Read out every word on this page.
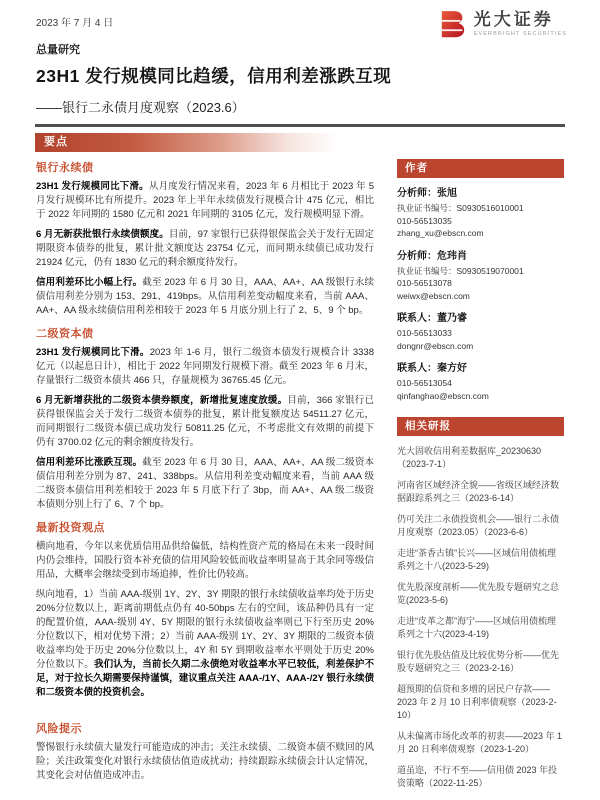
2023 年 7 月 4 日	光大证券
EVERBRIGHT SECURITIES
总量研究
23H1 发行规模同比趋缓，信用利差涨跌互现
——银行二永债月度观察（2023.6）
要点
银行永续债

23H1 发行规模同比下滑。从月度发行情况来看，2023 年 6 月相比于 2023 年 5 月发行规模环比有所提升。2023 年上半年永续债发行规模合计 475 亿元，相比于 2022 年同期的 1580 亿元和 2021 年同期的 3105 亿元，发行规模明显下滑。

6 月无新获批银行永续债额度。目前，97 家银行已获得银保监会关于发行无固定期限资本债券的批复，累计批文额度达 23754 亿元，而同期永续债已成功发行 21924 亿元，仍有 1830 亿元的剩余额度待发行。

信用利差环比小幅上行。截至 2023 年 6 月 30 日，AAA、AA+、AA 级银行永续债信用利差分别为 153、291、419bps。从信用利差变动幅度来看，当前 AAA、AA+、AA 级永续债信用利差相较于 2023 年 5 月底分别上行了 2、5、9 个 bp。

二级资本债

23H1 发行规模同比下滑。2023 年 1-6 月，银行二级资本债发行规模合计 3338 亿元（以起息日计），相比于 2022 年同期发行规模下滑。截至 2023 年 6 月末，存量银行二级资本债共 466 只，存量规模为 36765.45 亿元。

6 月无新增获批的二级资本债券额度，新增批复速度放缓。目前，366 家银行已获得银保监会关于发行二级资本债券的批复，累计批复额度达 54511.27 亿元，而同期银行二级资本债已成功发行 50811.25 亿元，不考虑批文有效期的前提下仍有 3700.02 亿元的剩余额度待发行。

信用利差环比涨跌互现。截至 2023 年 6 月 30 日，AAA、AA+、AA 级二级资本债信用利差分别为 87、241、338bps。从信用利差变动幅度来看，当前 AAA 级二级资本债信用利差相较于 2023 年 5 月底下行了 3bp，而 AA+、AA 级二级资本债则分别上行了 6、7 个 bp。

最新投资观点

横向地看，今年以来优质信用品供给偏低，结构性资产荒的格局在未来一段时间内仍会维持，国股行资本补充债的信用风险较低而收益率明显高于其余同等级信用品，大概率会继续受到市场追捧，性价比仍较高。

纵向地看，1）当前 AAA-级别 1Y、2Y、3Y 期限的银行永续债收益率均处于历史 20%分位数以上，距离前期低点仍有 40-50bps 左右的空间，该品种仍具有一定的配置价值，AAA-级别 4Y、5Y 期限的银行永续债收益率则已下行至历史 20%分位数以下，相对优势下滑；2）当前 AAA-级别 1Y、2Y、3Y 期限的二级资本债收益率均处于历史 20%分位数以上，4Y 和 5Y 到期收益率水平则处于历史 20%分位数以下。我们认为，当前长久期二永债绝对收益率水平已较低，利差保护不足，对于拉长久期需要保持谨慎，建议重点关注 AAA-/1Y、AAA-/2Y 银行永续债和二级资本债的投资机会。

风险提示

警惕银行永续债大量发行可能造成的冲击；关注永续债、二级资本债不赎回的风险；关注政策变化对银行永续债估值造成扰动；持续跟踪永续债会计认定情况，其变化会对估值造成冲击。

作者
分析师：张旭
执业证书编号：S0930516010001
010-56513035
zhang_xu@ebscn.com
分析师：危玮肖
执业证书编号：S0930519070001
010-56513078
weiwx@ebscn.com
联系人：董乃睿
010-56513033
dongnr@ebscn.com
联系人：秦方好
010-56513054
qinfanghao@ebscn.com
相关研报
光大固收信用利差数据库_20230630（2023-7-1）
河南省区域经济全貌——省级区域经济数据跟踪系列之三（2023-6-14）
仍可关注二永债投资机会——银行二永债月度观察（2023.05）（2023-6-6）
走进“茶香古镇”长兴——区域信用债梳理系列之十八(2023-5-29)
优先股深度剖析——优先股专题研究之总览(2023-5-6)
走进“皮革之都”海宁——区域信用债梳理系列之十六(2023-4-19)
银行优先股估值及比较优势分析——优先股专题研究之三（2023-2-16）
超预期的信贷和多增的居民户存款——2023 年 2 月 10 日利率债观察（2023-2-10）
从未偏离市场化改革的初衷——2023 年 1 月 20 日利率债观察（2023-1-20）
道虽迩，不行不至——信用债 2023 年投资策略（2022-11-25）
